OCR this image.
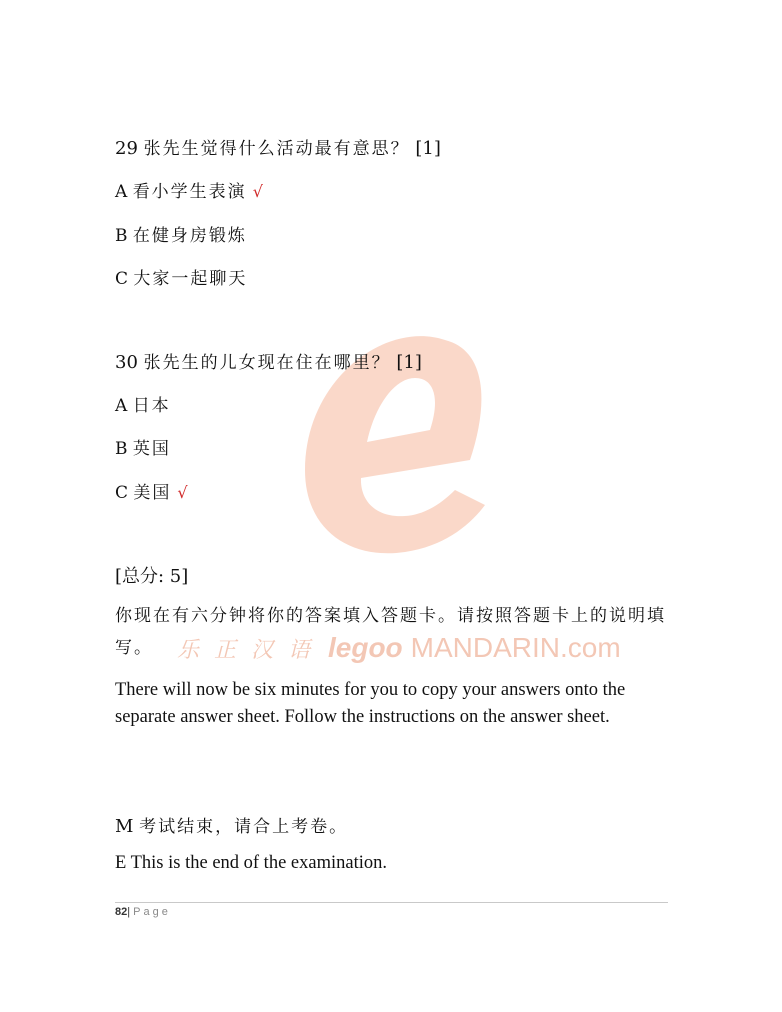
乐 正 汉 语 legoo MANDARIN.com
29 张先生觉得什么活动最有意思？ [1]
A 看小学生表演 √
B 在健身房锻炼
C 大家一起聊天
30 张先生的儿女现在住在哪里？ [1]
A 日本
B 英国
C 美国 √
[总分: 5]
你现在有六分钟将你的答案填入答题卡。请按照答题卡上的说明填写。
There will now be six minutes for you to copy your answers onto the separate answer sheet. Follow the instructions on the answer sheet.
M 考试结束，请合上考卷。
E This is the end of the examination.
82| Page
